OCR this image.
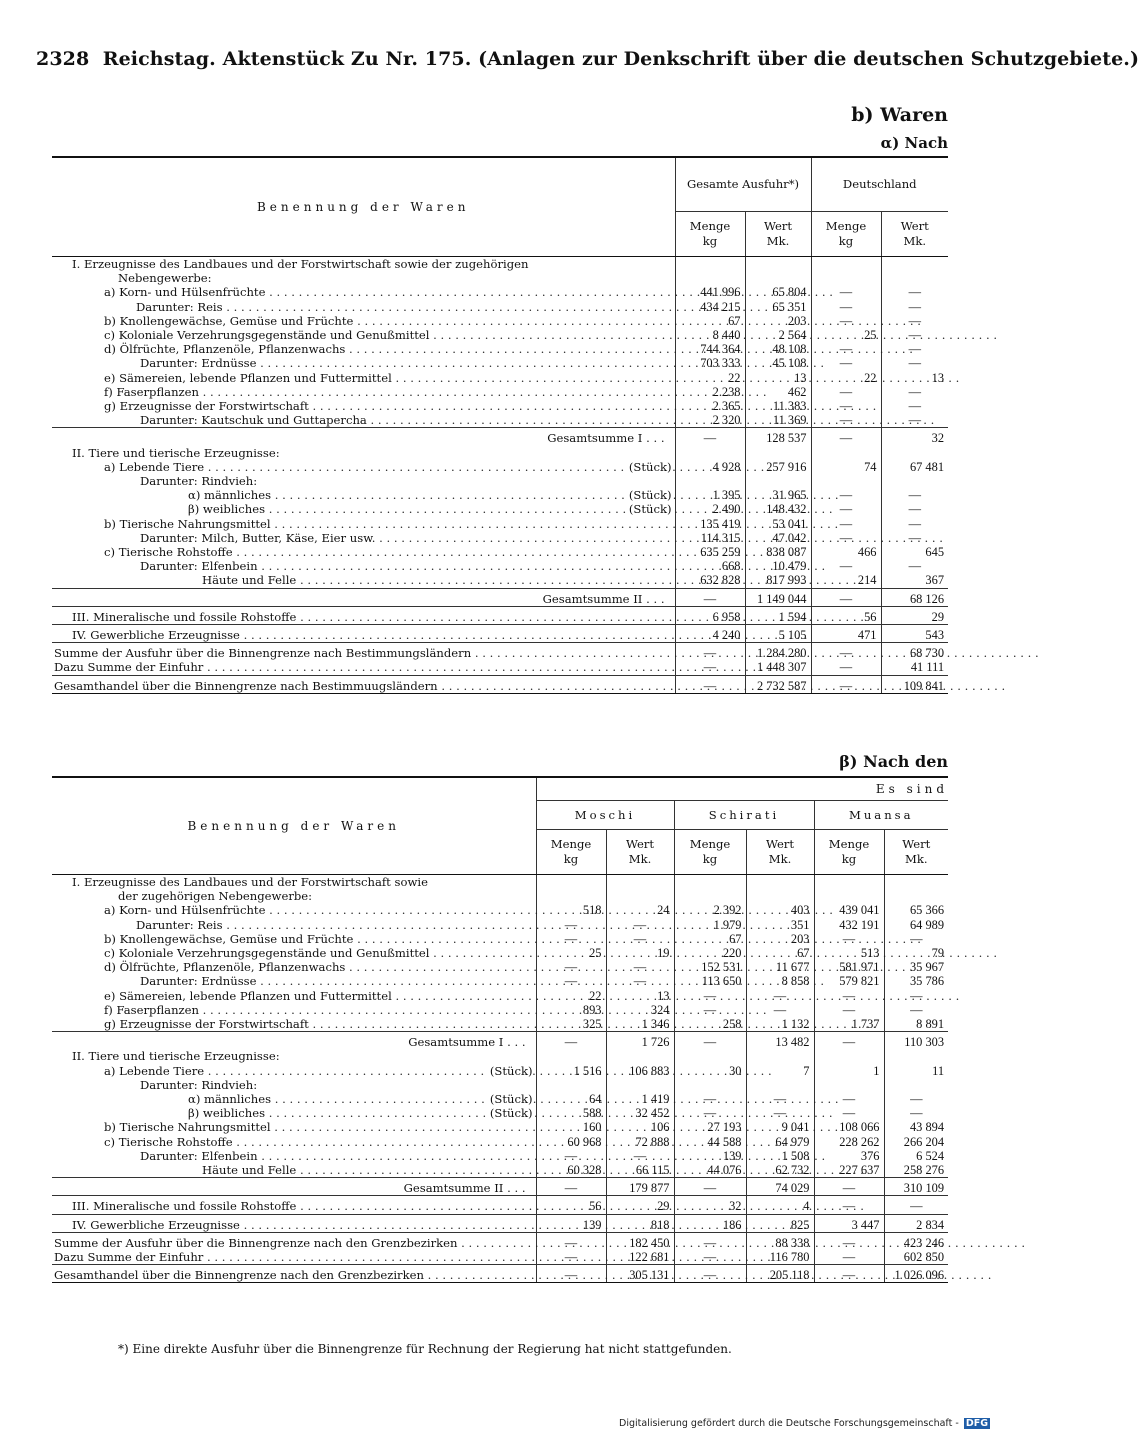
2328 Reichstag. Aktenstück Zu Nr. 175. (Anlagen zur Denkschrift über die deutschen Schutzgebiete.)
b) Waren
α) Nach
Benennung der Waren	Gesamte Ausfuhr*)		Deutschland	
	Menge
kg	Wert
Mk.	Menge
kg	Wert
Mk.
I. Erzeugnisse des Landbaues und der Forstwirtschaft sowie der zugehörigen				
Nebengewerbe:				
a) Korn- und Hülsenfrüchte . . .	441 996	65 804	—	—
Darunter: Reis . . .	434 215	65 351	—	—
b) Knollengewächse, Gemüse und Früchte . . .	67	203	—	—
c) Koloniale Verzehrungsgegenstände und Genußmittel . . .	8 440	2 564	25	—
d) Ölfrüchte, Pflanzenöle, Pflanzenwachs . . .	744 364	48 108	—	—
Darunter: Erdnüsse . . .	703 333	45 108	—	—
e) Sämereien, lebende Pflanzen und Futtermittel . . .	22	13	22	13
f) Faserpflanzen . . .	2 238	462	—	—
g) Erzeugnisse der Forstwirtschaft . . .	2 365	11 383	—	—
Darunter: Kautschuk und Guttapercha . . .	2 320	11 369	—	—
Gesamtsumme I . . .	—	128 537	—	32
II. Tiere und tierische Erzeugnisse:				
a) Lebende Tiere . . . (Stück)	4 928	257 916	74	67 481
Darunter: Rindvieh:				
α) männliches . . . (Stück)	1 395	31 965	—	—
β) weibliches . . . (Stück)	2 490	148 432	—	—
b) Tierische Nahrungsmittel . . .	135 419	53 041	—	—
Darunter: Milch, Butter, Käse, Eier usw. . . .	114 315	47 042	—	—
c) Tierische Rohstoffe . . .	635 259	838 087	466	645
Darunter: Elfenbein . . .	668	10 479	—	—
Häute und Felle . . .	632 828	817 993	214	367
Gesamtsumme II . . .	—	1 149 044	—	68 126
III. Mineralische und fossile Rohstoffe . . .	6 958	1 594	56	29
IV. Gewerbliche Erzeugnisse . . .	4 240	5 105	471	543
Summe der Ausfuhr über die Binnengrenze nach Bestimmungsländern . . .	—	1 284 280	—	68 730
Dazu Summe der Einfuhr . . .	—	1 448 307	—	41 111
Gesamthandel über die Binnengrenze nach Bestimmuugsländern . . .	—	2 732 587	—	109 841
β) Nach den
Benennung der Waren	Es sind					
	Moschi		Schirati		Muansa	
	Menge
kg	Wert
Mk.	Menge
kg	Wert
Mk.	Menge
kg	Wert
Mk.
I. Erzeugnisse des Landbaues und der Forstwirtschaft sowie						
der zugehörigen Nebengewerbe:						
a) Korn- und Hülsenfrüchte . . .	518	24	2 392	403	439 041	65 366
Darunter: Reis . . .	—	—	1 979	351	432 191	64 989
b) Knollengewächse, Gemüse und Früchte . . .	—	—	67	203	—	—
c) Koloniale Verzehrungsgegenstände und Genußmittel . . .	25	19	220	67	513	79
d) Ölfrüchte, Pflanzenöle, Pflanzenwachs . . .	—	—	152 531	11 677	581 971	35 967
Darunter: Erdnüsse . . .	—	—	113 650	8 858	579 821	35 786
e) Sämereien, lebende Pflanzen und Futtermittel . . .	22	13	—	—	—	—
f) Faserpflanzen . . .	893	324	—	—	—	—
g) Erzeugnisse der Forstwirtschaft . . .	325	1 346	258	1 132	1 737	8 891
Gesamtsumme I . . .	—	1 726	—	13 482	—	110 303
II. Tiere und tierische Erzeugnisse:						
a) Lebende Tiere . . . (Stück)	1 516	106 883	30	7	1	11
Darunter: Rindvieh:						
α) männliches . . . (Stück)	64	1 419	—	—	—	—
β) weibliches . . . (Stück)	588	32 452	—	—	—	—
b) Tierische Nahrungsmittel . . .	160	106	27 193	9 041	108 066	43 894
c) Tierische Rohstoffe . . .	60 968	72 888	44 588	64 979	228 262	266 204
Darunter: Elfenbein . . .	—	—	139	1 508	376	6 524
Häute und Felle . . .	60 328	66 115	44 076	62 732	227 637	258 276
Gesamtsumme II . . .	—	179 877	—	74 029	—	310 109
III. Mineralische und fossile Rohstoffe . . .	56	29	32	4	—	—
IV. Gewerbliche Erzeugnisse . . .	139	818	186	825	3 447	2 834
Summe der Ausfuhr über die Binnengrenze nach den Grenzbezirken . . .	—	182 450	—	88 338	—	423 246
Dazu Summe der Einfuhr . . .	—	122 681	—	116 780	—	602 850
Gesamthandel über die Binnengrenze nach den Grenzbezirken . . .	—	305 131	—	205 118	—	1 026 096
*) Eine direkte Ausfuhr über die Binnengrenze für Rechnung der Regierung hat nicht stattgefunden.
Digitalisierung gefördert durch die Deutsche Forschungsgemeinschaft - DFG
